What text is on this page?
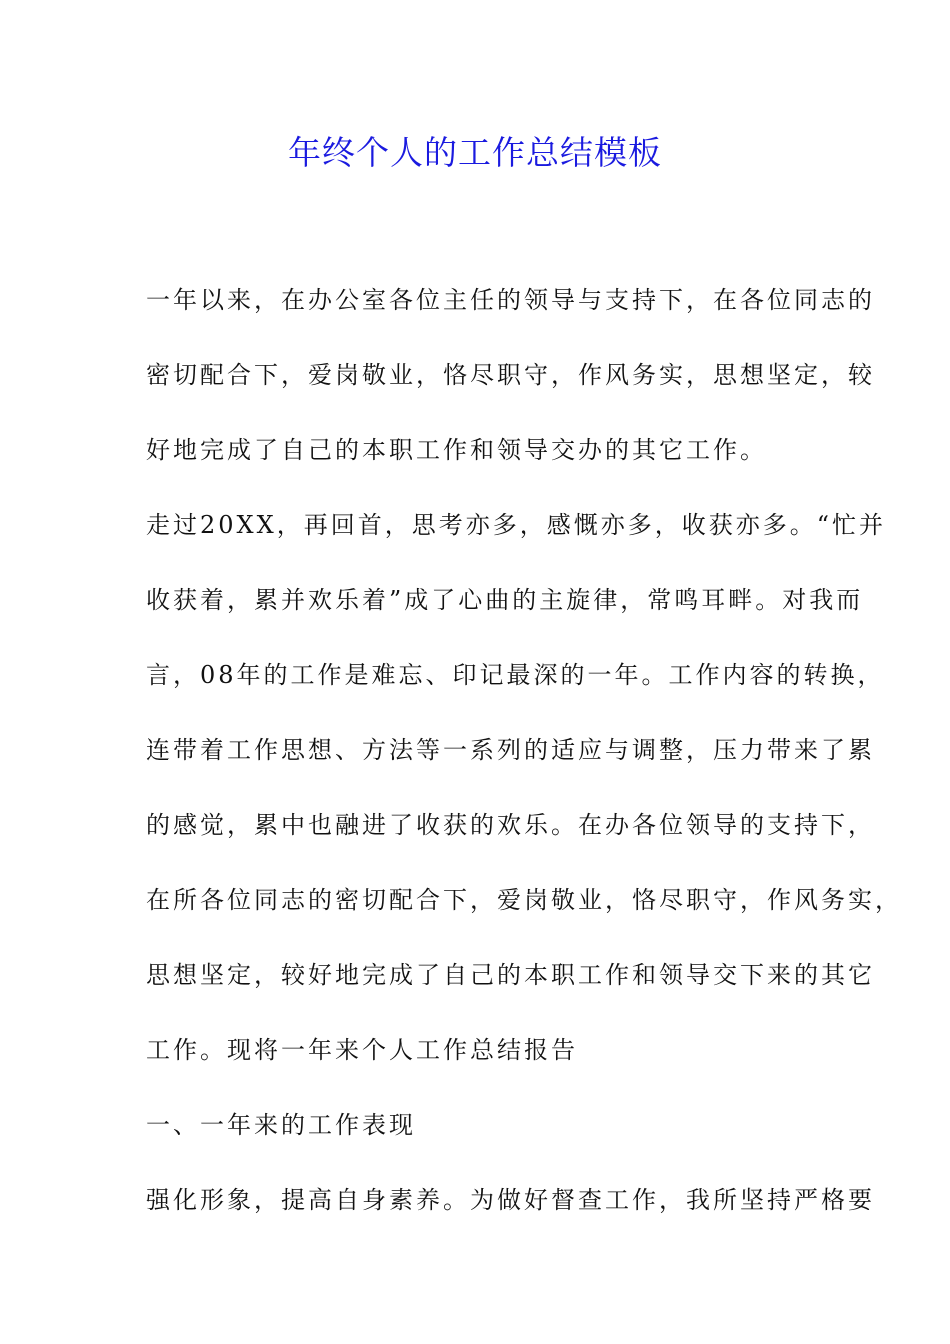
年终个人的工作总结模板
一年以来，在办公室各位主任的领导与支持下，在各位同志的
密切配合下，爱岗敬业，恪尽职守，作风务实，思想坚定，较
好地完成了自己的本职工作和领导交办的其它工作。
走过20XX，再回首，思考亦多，感慨亦多，收获亦多。“忙并
收获着，累并欢乐着”成了心曲的主旋律，常鸣耳畔。对我而
言，08年的工作是难忘、印记最深的一年。工作内容的转换，
连带着工作思想、方法等一系列的适应与调整，压力带来了累
的感觉，累中也融进了收获的欢乐。在办各位领导的支持下，
在所各位同志的密切配合下，爱岗敬业，恪尽职守，作风务实，
思想坚定，较好地完成了自己的本职工作和领导交下来的其它
工作。现将一年来个人工作总结报告
一、一年来的工作表现
强化形象，提高自身素养。为做好督查工作，我所坚持严格要
